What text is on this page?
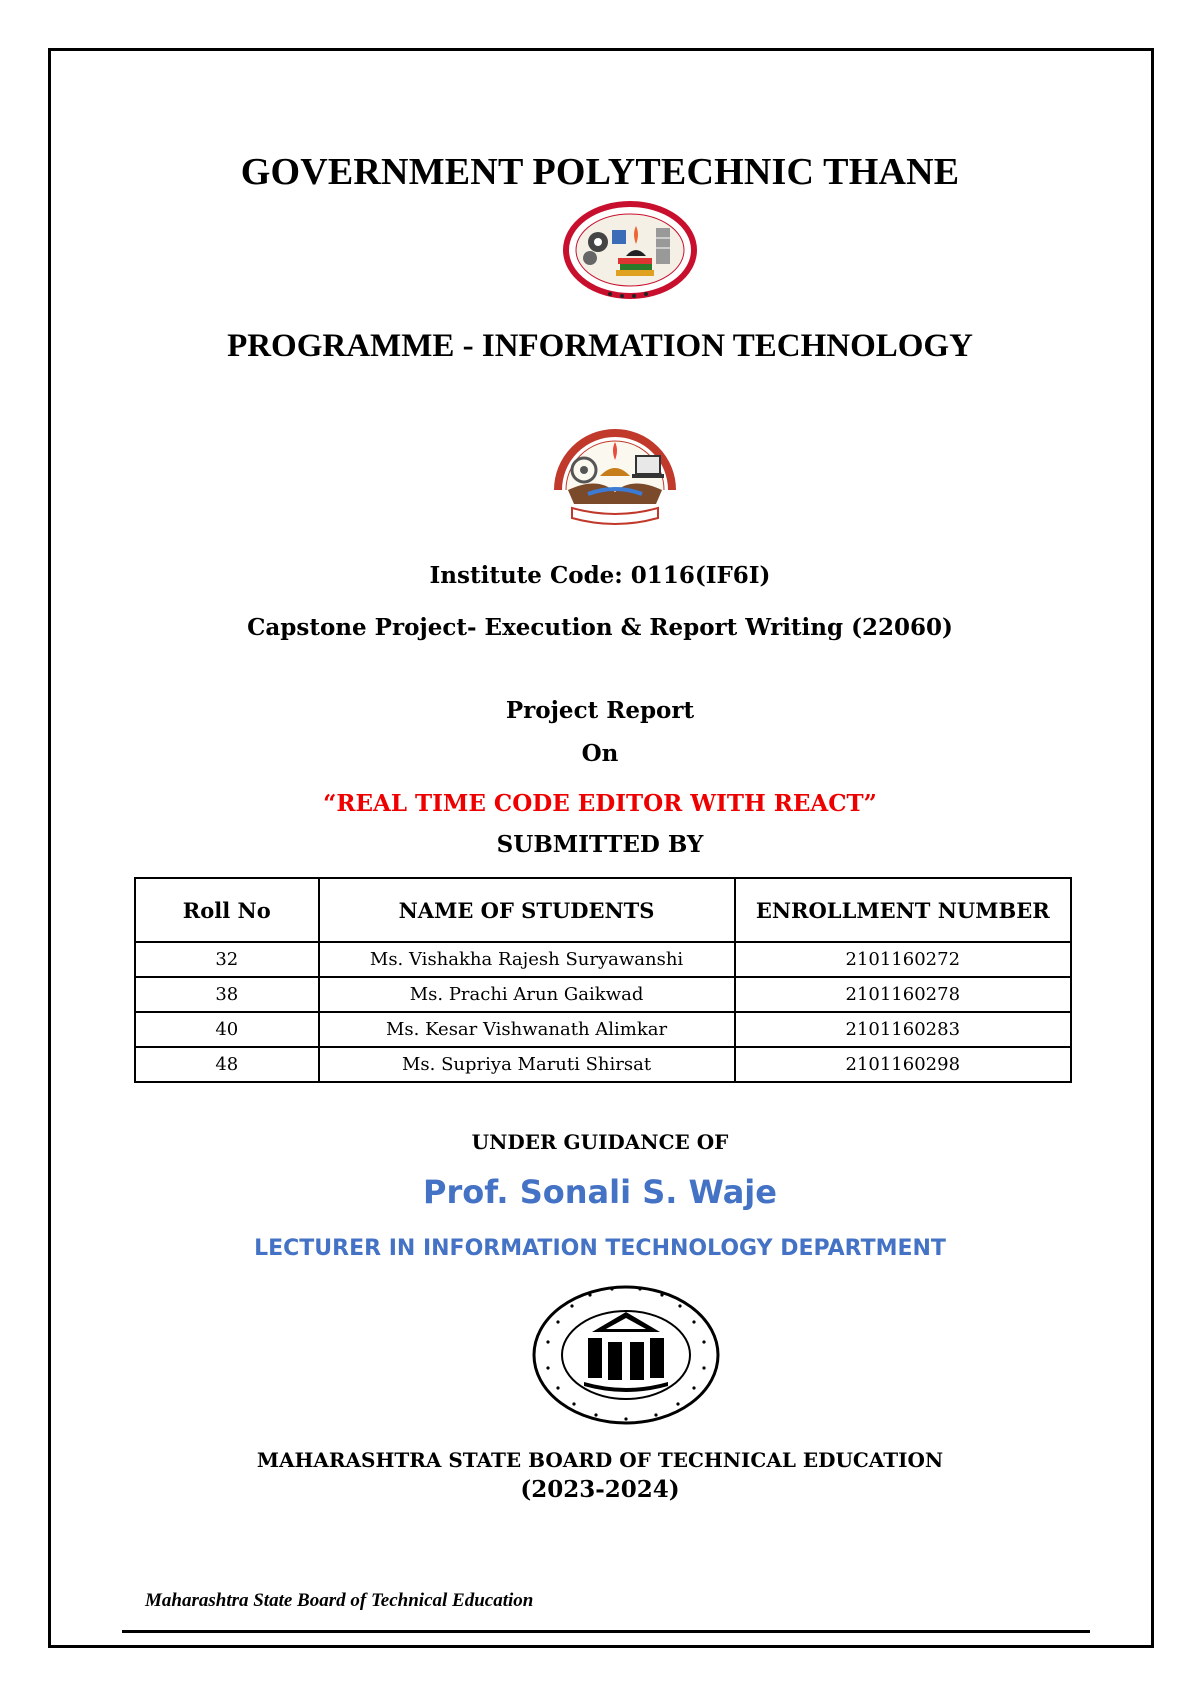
GOVERNMENT POLYTECHNIC THANE
PROGRAMME - INFORMATION TECHNOLOGY
Institute Code: 0116(IF6I)
Capstone Project- Execution & Report Writing (22060)
Project Report
On
“REAL TIME CODE EDITOR WITH REACT”
SUBMITTED BY
Roll No	NAME OF STUDENTS	ENROLLMENT NUMBER
32	Ms. Vishakha Rajesh Suryawanshi	2101160272
38	Ms. Prachi Arun Gaikwad	2101160278
40	Ms. Kesar Vishwanath Alimkar	2101160283
48	Ms. Supriya Maruti Shirsat	2101160298
UNDER GUIDANCE OF
Prof. Sonali S. Waje
LECTURER IN INFORMATION TECHNOLOGY DEPARTMENT
MAHARASHTRA STATE BOARD OF TECHNICAL EDUCATION
(2023-2024)
Maharashtra State Board of Technical Education
